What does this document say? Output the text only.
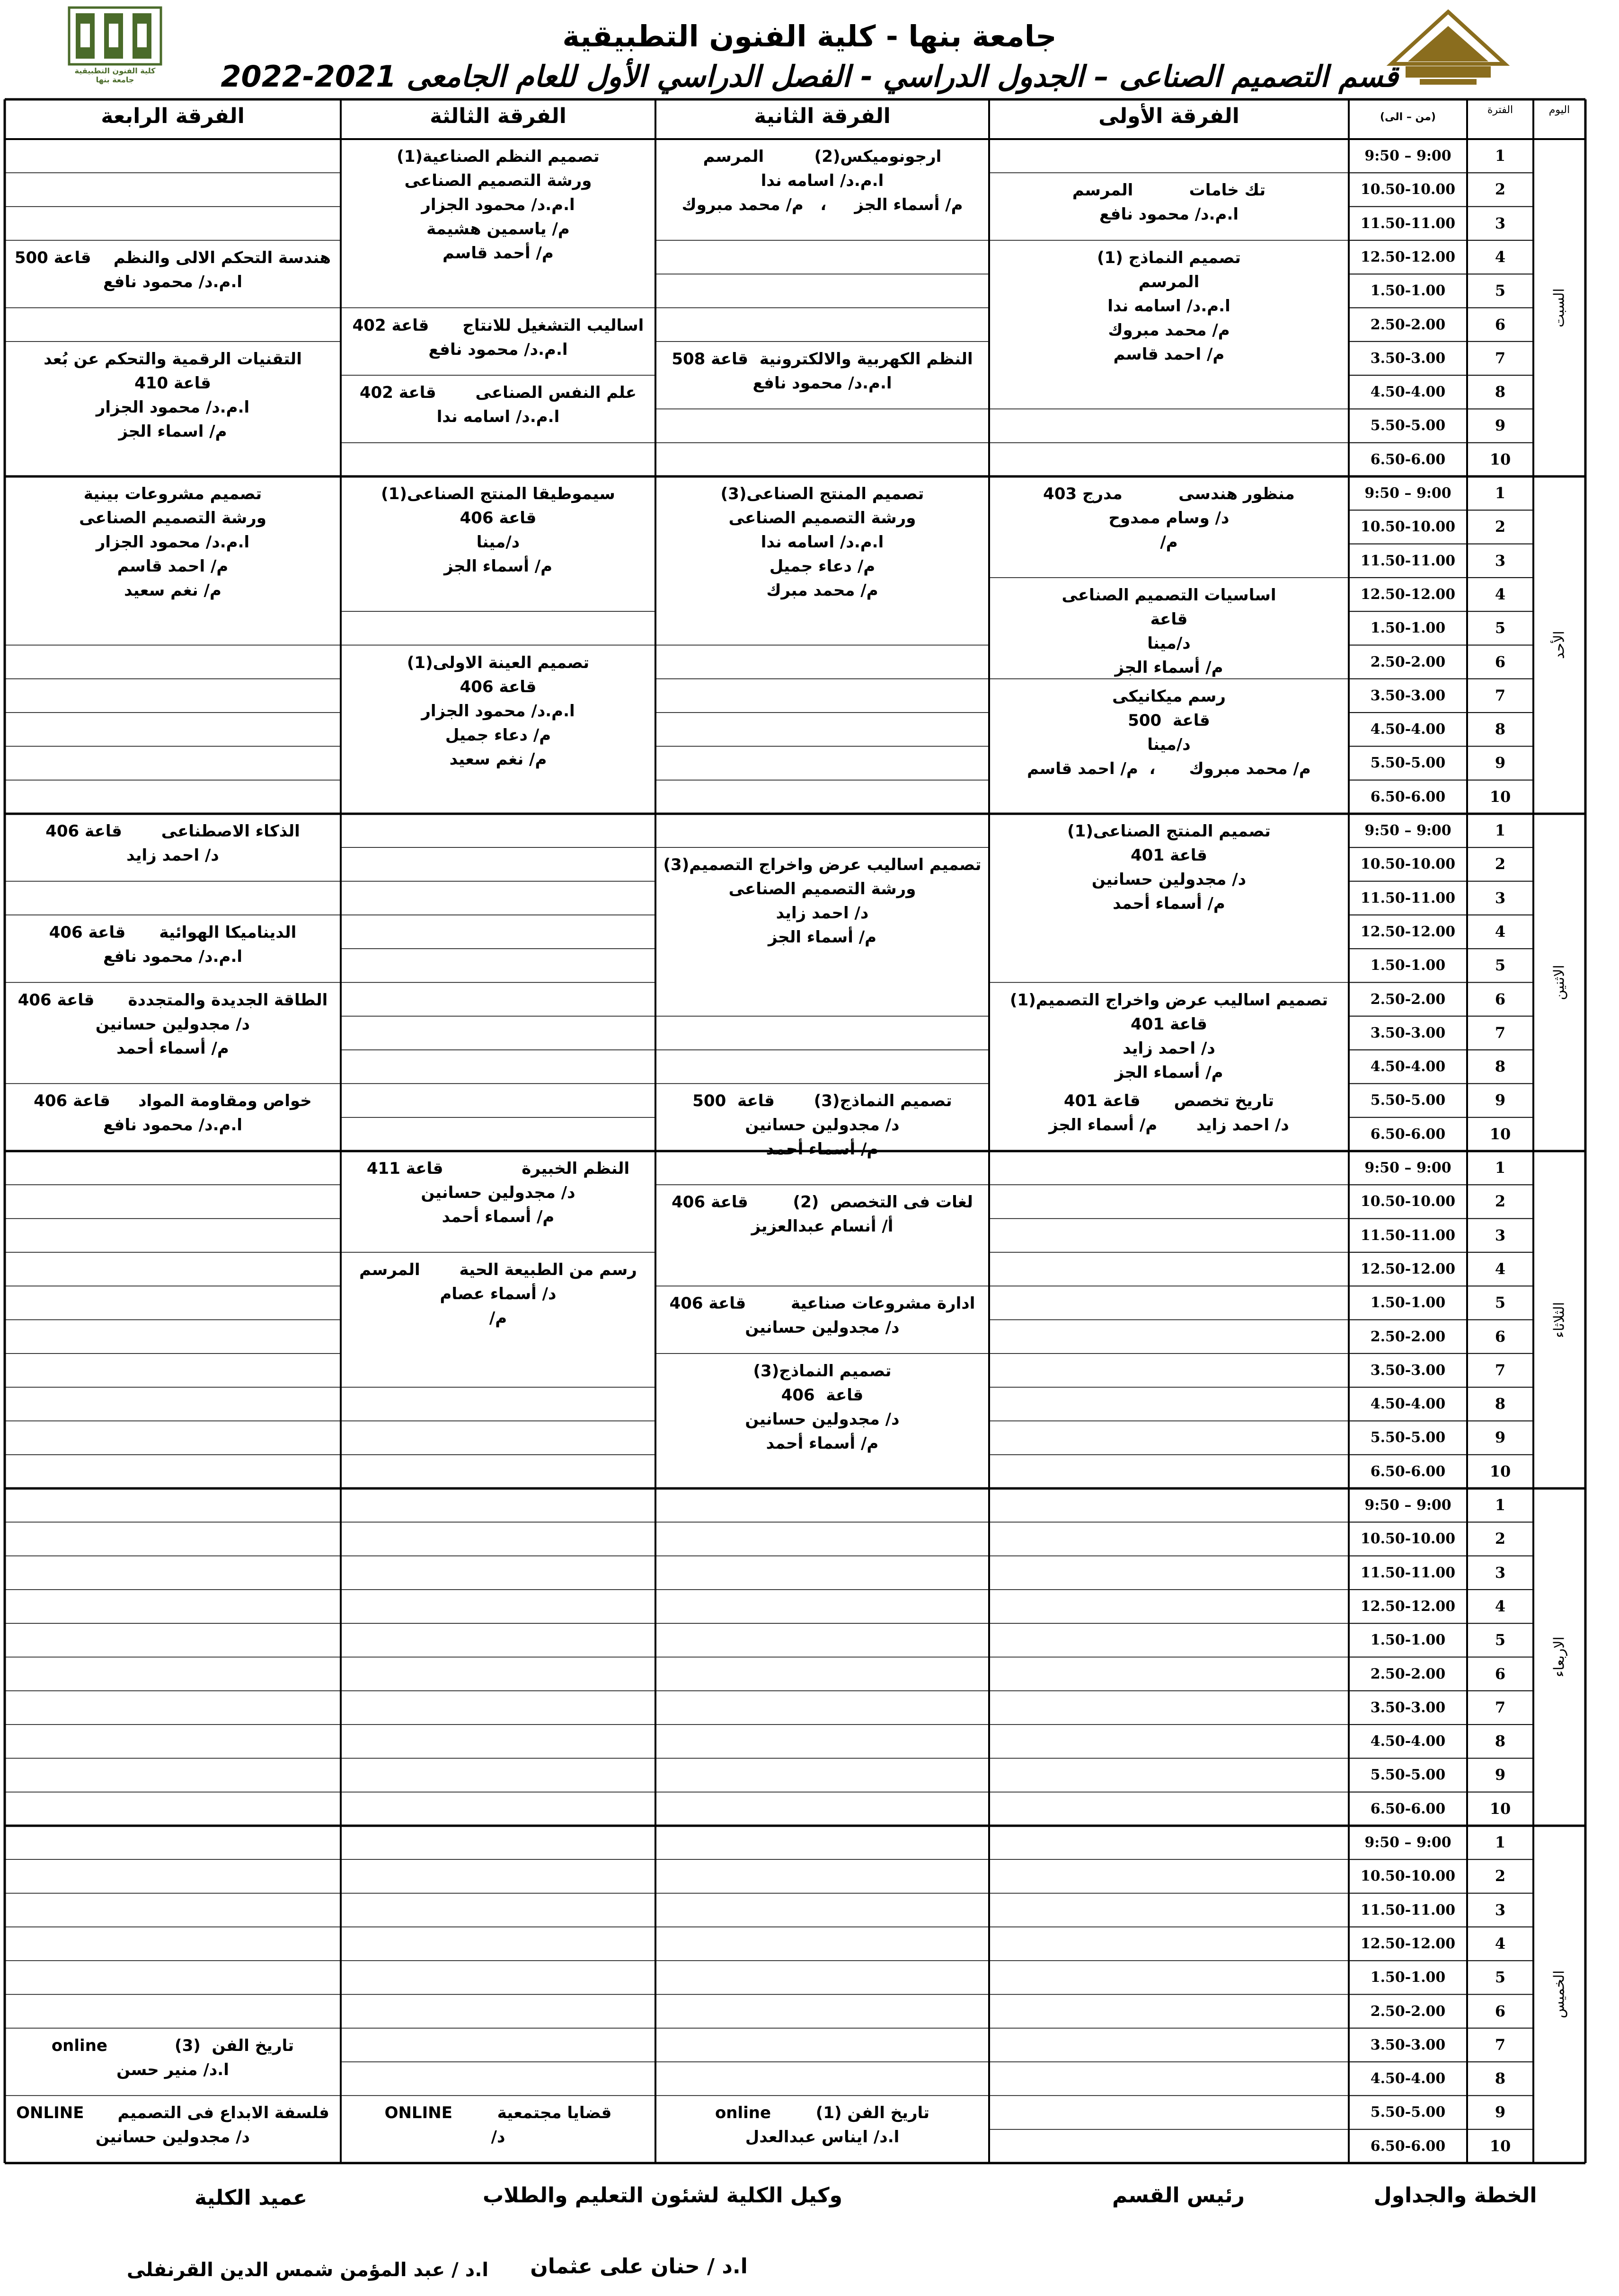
جامعة بنها - كلية الفنون التطبيقية
قسم التصميم الصناعى – الجدول الدراسي - الفصل الدراسي الأول للعام الجامعى 2021-2022
كلية الفنون التطبيقية جامعة بنها
(من – الى)
الفترة	اليوم
الفرقة الأولى
الفرقة الثانية
الفرقة الثالثة
الفرقة الرابعة
السبت
1
9:50 – 9:00
2
10.50-10.00
3
11.50-11.00
4
12.50-12.00
5
1.50-1.00
6
2.50-2.00
7
3.50-3.00
8
4.50-4.00
9
5.50-5.00
10
6.50-6.00
الأحد
1
9:50 – 9:00
2
10.50-10.00
3
11.50-11.00
4
12.50-12.00
5
1.50-1.00
6
2.50-2.00
7
3.50-3.00
8
4.50-4.00
9
5.50-5.00
10
6.50-6.00
الاثنين
1
9:50 – 9:00
2
10.50-10.00
3
11.50-11.00
4
12.50-12.00
5
1.50-1.00
6
2.50-2.00
7
3.50-3.00
8
4.50-4.00
9
5.50-5.00
10
6.50-6.00
الثلاثاء
1
9:50 – 9:00
2
10.50-10.00
3
11.50-11.00
4
12.50-12.00
5
1.50-1.00
6
2.50-2.00
7
3.50-3.00
8
4.50-4.00
9
5.50-5.00
10
6.50-6.00
الاربعاء
1
9:50 – 9:00
2
10.50-10.00
3
11.50-11.00
4
12.50-12.00
5
1.50-1.00
6
2.50-2.00
7
3.50-3.00
8
4.50-4.00
9
5.50-5.00
10
6.50-6.00
الخميس
1
9:50 – 9:00
2
10.50-10.00
3
11.50-11.00
4
12.50-12.00
5
1.50-1.00
6
2.50-2.00
7
3.50-3.00
8
4.50-4.00
9
5.50-5.00
10
6.50-6.00
تك خامات          المرسم
ا.م.د/ محمود نافع
تصميم النماذج (1)
المرسم
ا.م.د/ اسامه ندا
م/ محمد مبروك
م/ احمد قاسم
ارجونوميكس(2)         المرسم
ا.م.د/ اسامه ندا
م/ أسماء الجز     ،   م/ محمد مبروك
النظم الكهربية والالكترونية  قاعة 508
ا.م.د/ محمود نافع
تصميم النظم الصناعية(1)
ورشة التصميم الصناعى
ا.م.د/ محمود الجزار
م/ ياسمين هشيمة
م/ أحمد قاسم
اساليب التشغيل للانتاج      قاعة 402
ا.م.د/ محمود نافع
علم النفس الصناعى       قاعة 402
ا.م.د/ اسامه ندا
هندسة التحكم الالى والنظم    قاعة 500
ا.م.د/ محمود نافع
التقنيات الرقمية والتحكم عن بُعد
قاعة 410
ا.م.د/ محمود الجزار
م/ اسماء الجز
منظور هندسى          مدرج 403
د/ وسام ممدوح
م/
اساسيات التصميم الصناعى
قاعة
د/مينا
م/ أسماء الجز
رسم ميكانيكى
قاعة  500
د/مينا
م/ محمد مبروك      ،  م/ احمد قاسم
تصميم المنتج الصناعى(3)
ورشة التصميم الصناعى
ا.م.د/ اسامه ندا
م/ دعاء جميل
م/ محمد مبرك
سيموطيقا المنتج الصناعى(1)
قاعة 406
د/مينا
م/ أسماء الجز
تصميم العينة الاولى(1)
قاعة 406
ا.م.د/ محمود الجزار
م/ دعاء جميل
م/ نغم سعيد
تصميم مشروعات بينية
ورشة التصميم الصناعى
ا.م.د/ محمود الجزار
م/ احمد قاسم
م/ نغم سعيد
تصميم المنتج الصناعى(1)
قاعة 401
د/ مجدولين حسانين
م/ أسماء أحمد
تصميم اساليب عرض واخراج التصميم(1)
قاعة 401
د/ احمد زايد
م/ أسماء الجز
تاريخ تخصص      قاعة 401
د/ احمد زايد       م/ أسماء الجز
تصميم اساليب عرض واخراج التصميم(3)
ورشة التصميم الصناعى
د/ احمد زايد
م/ أسماء الجز
تصميم النماذج(3)       قاعة  500
د/ مجدولين حسانين
م/ أسماء أحمد
الذكاء الاصطناعى       قاعة 406
د/ احمد زايد
الديناميكا الهوائية      قاعة 406
ا.م.د/ محمود نافع
الطاقة الجديدة والمتجددة      قاعة 406
د/ مجدولين حسانين
م/ أسماء أحمد
خواص ومقاومة المواد     قاعة 406
ا.م.د/ محمود نافع
لغات فى التخصص  (2)        قاعة 406
أ/ أنسام عبدالعزيز
ادارة مشروعات صناعية        قاعة 406
د/ مجدولين حسانين
تصميم النماذج(3)
قاعة  406
د/ مجدولين حسانين
م/ أسماء أحمد
النظم الخبيرة              قاعة 411
د/ مجدولين حسانين
م/ أسماء أحمد
رسم من الطبيعة الحية       المرسم
د/ أسماء عصام
م/
تاريخ الفن (1)        online
ا.د/ ايناس عبدالعدل
قضايا مجتمعية        ONLINE
د/
تاريخ الفن  (3)            online
ا.د/ منير حسن
فلسفة الابداع فى التصميم      ONLINE
د/ مجدولين حسانين
الخطة والجداول
رئيس القسم
وكيل الكلية لشئون التعليم والطلاب
عميد الكلية
ا.د / حنان على عثمان
ا.د / عبد المؤمن شمس الدين القرنفلى
